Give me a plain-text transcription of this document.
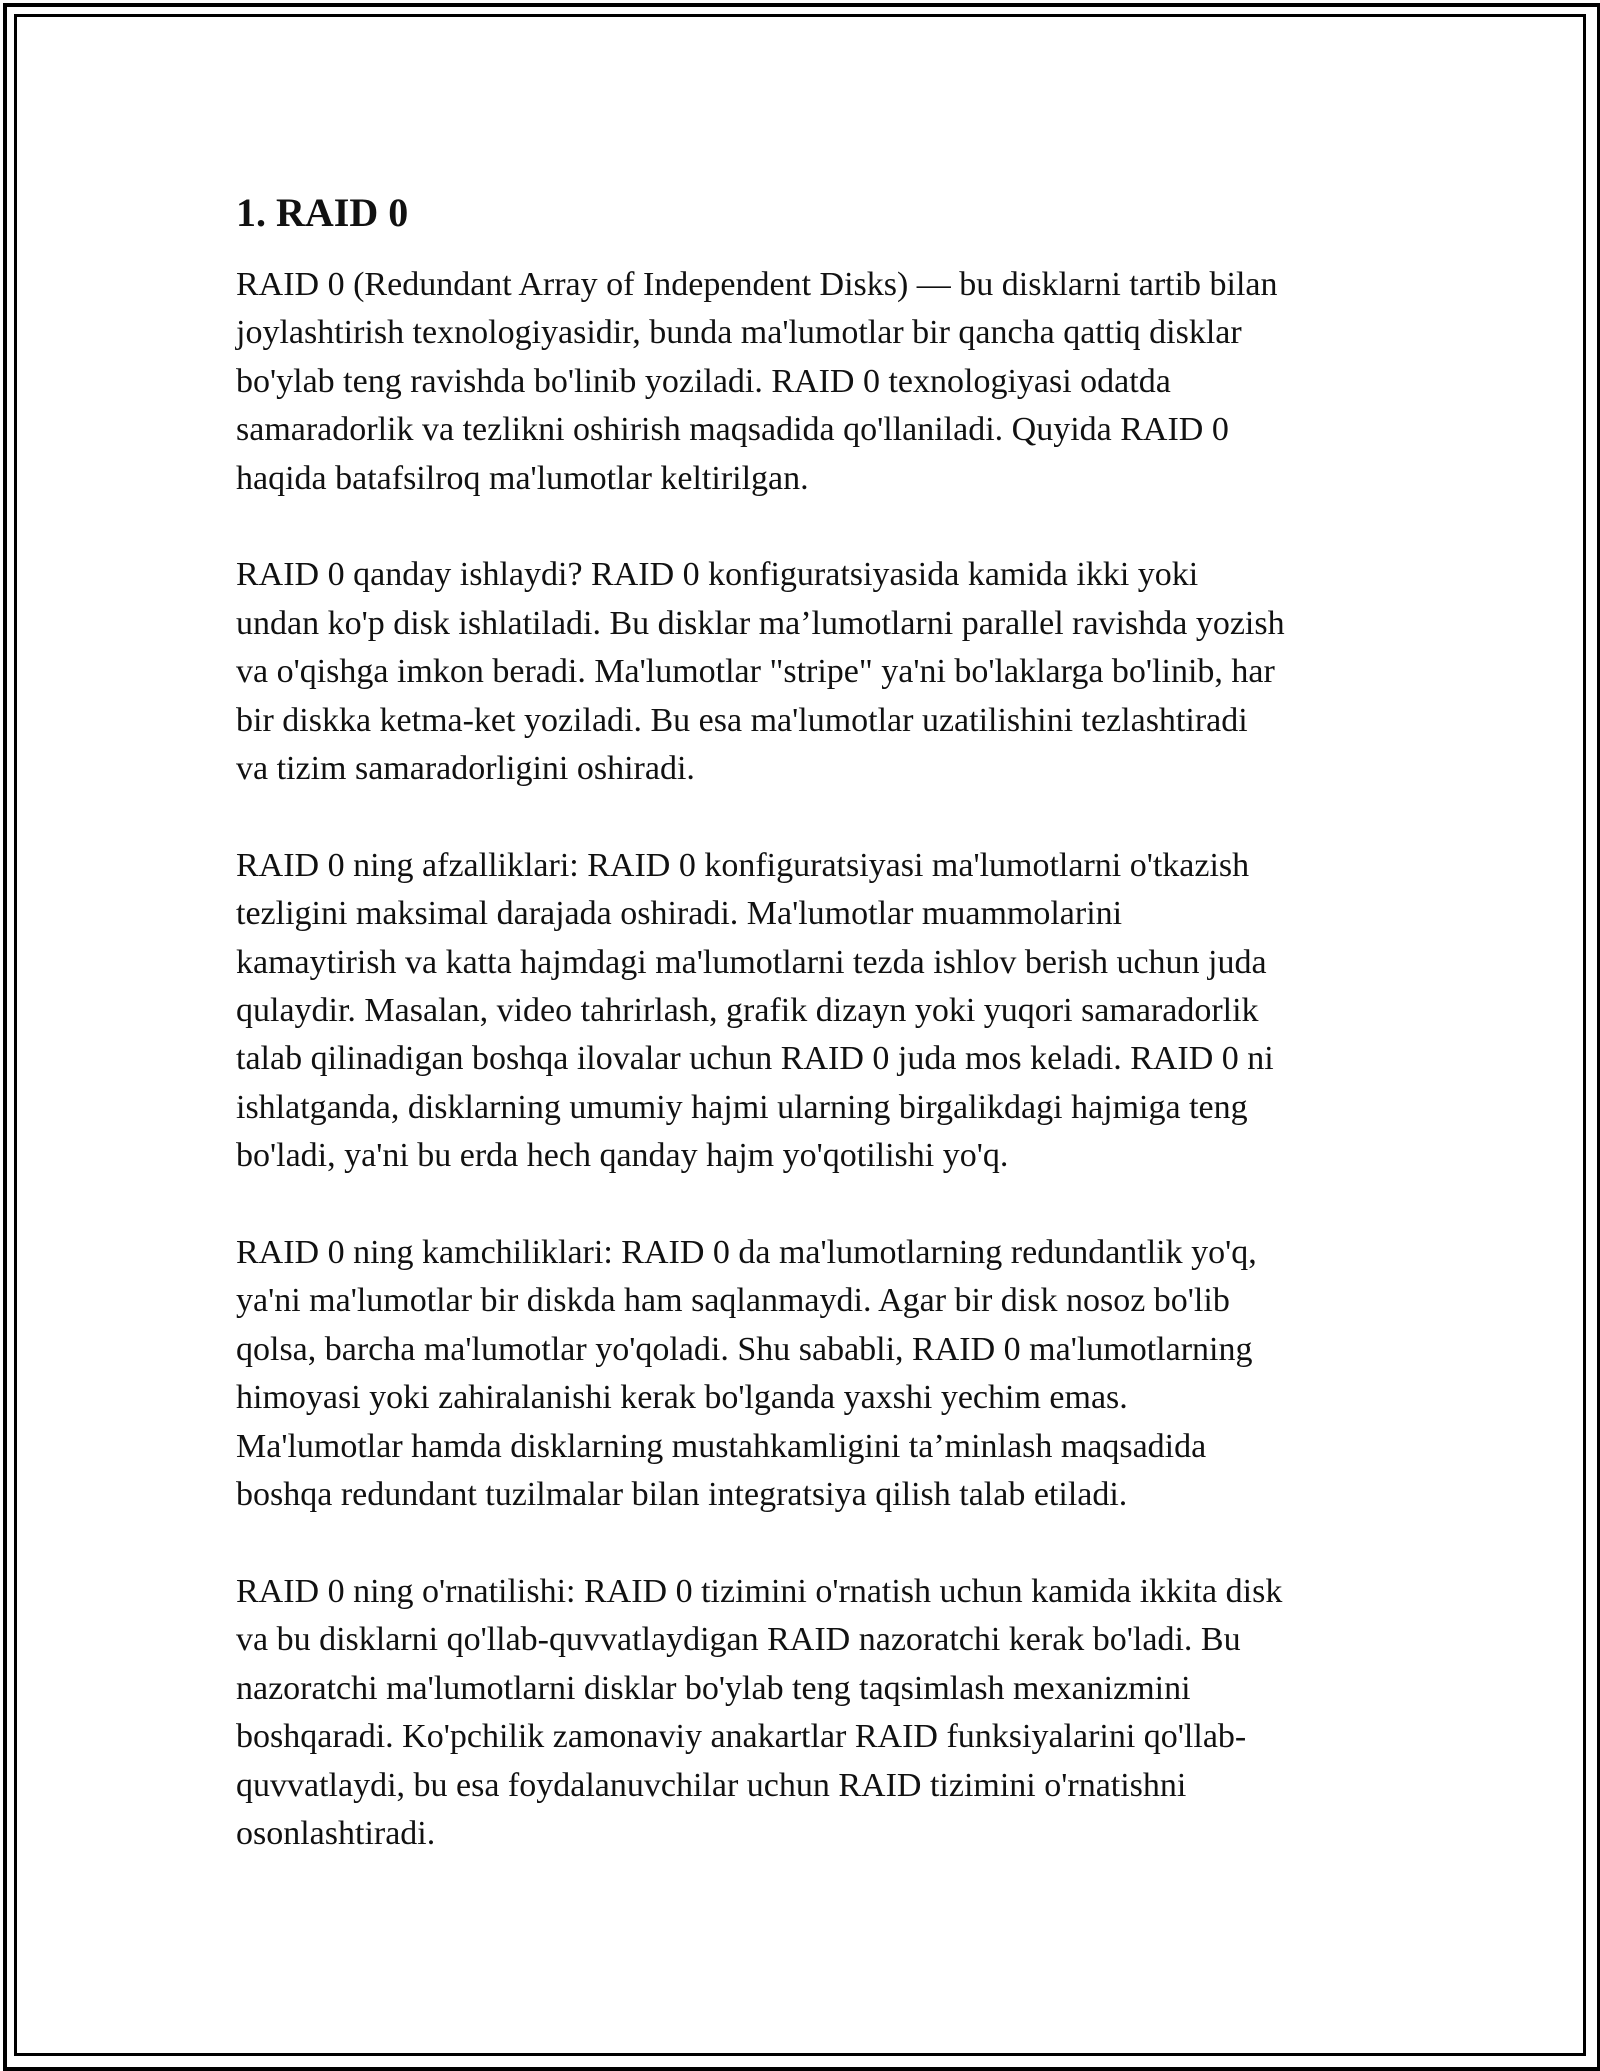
1. RAID 0

RAID 0 (Redundant Array of Independent Disks) — bu disklarni tartib bilan
joylashtirish texnologiyasidir, bunda ma'lumotlar bir qancha qattiq disklar
bo'ylab teng ravishda bo'linib yoziladi. RAID 0 texnologiyasi odatda
samaradorlik va tezlikni oshirish maqsadida qo'llaniladi. Quyida RAID 0
haqida batafsilroq ma'lumotlar keltirilgan.

RAID 0 qanday ishlaydi? RAID 0 konfiguratsiyasida kamida ikki yoki
undan ko'p disk ishlatiladi. Bu disklar ma’lumotlarni parallel ravishda yozish
va o'qishga imkon beradi. Ma'lumotlar "stripe" ya'ni bo'laklarga bo'linib, har
bir diskka ketma-ket yoziladi. Bu esa ma'lumotlar uzatilishini tezlashtiradi
va tizim samaradorligini oshiradi.

RAID 0 ning afzalliklari: RAID 0 konfiguratsiyasi ma'lumotlarni o'tkazish
tezligini maksimal darajada oshiradi. Ma'lumotlar muammolarini
kamaytirish va katta hajmdagi ma'lumotlarni tezda ishlov berish uchun juda
qulaydir. Masalan, video tahrirlash, grafik dizayn yoki yuqori samaradorlik
talab qilinadigan boshqa ilovalar uchun RAID 0 juda mos keladi. RAID 0 ni
ishlatganda, disklarning umumiy hajmi ularning birgalikdagi hajmiga teng
bo'ladi, ya'ni bu erda hech qanday hajm yo'qotilishi yo'q.

RAID 0 ning kamchiliklari: RAID 0 da ma'lumotlarning redundantlik yo'q,
ya'ni ma'lumotlar bir diskda ham saqlanmaydi. Agar bir disk nosoz bo'lib
qolsa, barcha ma'lumotlar yo'qoladi. Shu sababli, RAID 0 ma'lumotlarning
himoyasi yoki zahiralanishi kerak bo'lganda yaxshi yechim emas.
Ma'lumotlar hamda disklarning mustahkamligini ta’minlash maqsadida
boshqa redundant tuzilmalar bilan integratsiya qilish talab etiladi.

RAID 0 ning o'rnatilishi: RAID 0 tizimini o'rnatish uchun kamida ikkita disk
va bu disklarni qo'llab-quvvatlaydigan RAID nazoratchi kerak bo'ladi. Bu
nazoratchi ma'lumotlarni disklar bo'ylab teng taqsimlash mexanizmini
boshqaradi. Ko'pchilik zamonaviy anakartlar RAID funksiyalarini qo'llab-
quvvatlaydi, bu esa foydalanuvchilar uchun RAID tizimini o'rnatishni
osonlashtiradi.
